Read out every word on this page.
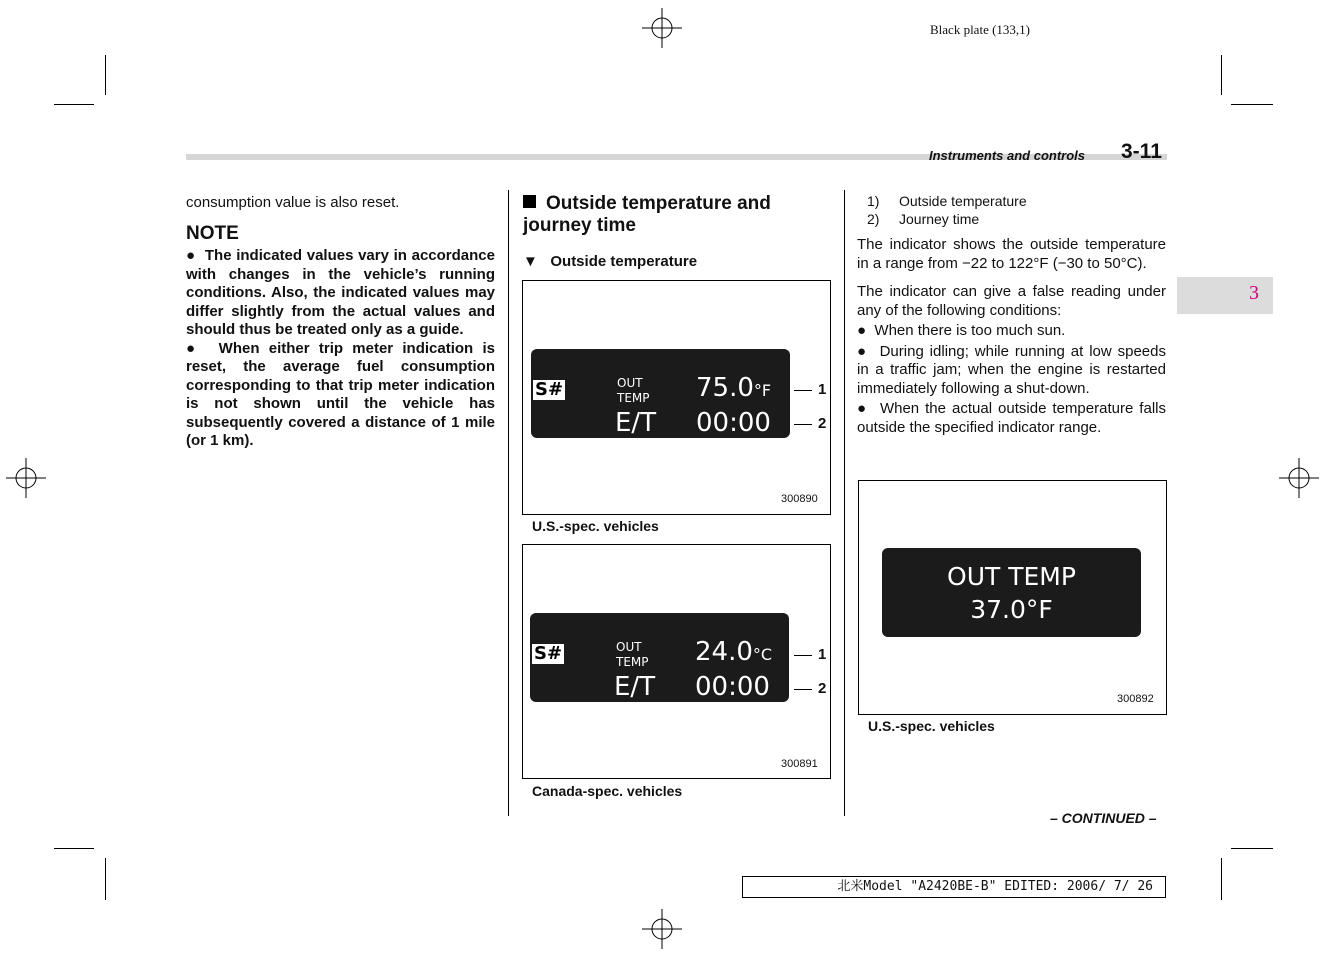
Black plate (133,1)
Instruments and controls 3-11
3
consumption value is also reset.
NOTE
●  The indicated values vary in accordance with changes in the vehicle’s running conditions. Also, the indicated values may differ slightly from the actual values and should thus be treated only as a guide.
●  When either trip meter indication is reset, the average fuel consumption corresponding to that trip meter indication is not shown until the vehicle has subsequently covered a distance of 1 mile (or 1 km).
Outside temperature and journey time
▼   Outside temperature
S#	OUT
TEMP 75.0°F
E/T 00:00
1
2
300890
U.S.-spec. vehicles
S#	OUT
TEMP 24.0°C
E/T 00:00
1
2
300891
Canada-spec. vehicles
1) Outside temperature
2) Journey time

The indicator shows the outside temperature in a range from −22 to 122°F (−30 to 50°C).

The indicator can give a false reading under any of the following conditions:

●  When there is too much sun.

●  During idling; while running at low speeds in a traffic jam; when the engine is restarted immediately following a shut-down.

●  When the actual outside temperature falls outside the specified indicator range.

OUT TEMP
37.0°F
300892
U.S.-spec. vehicles
– CONTINUED –
北米Model "A2420BE-B" EDITED: 2006/ 7/ 26
